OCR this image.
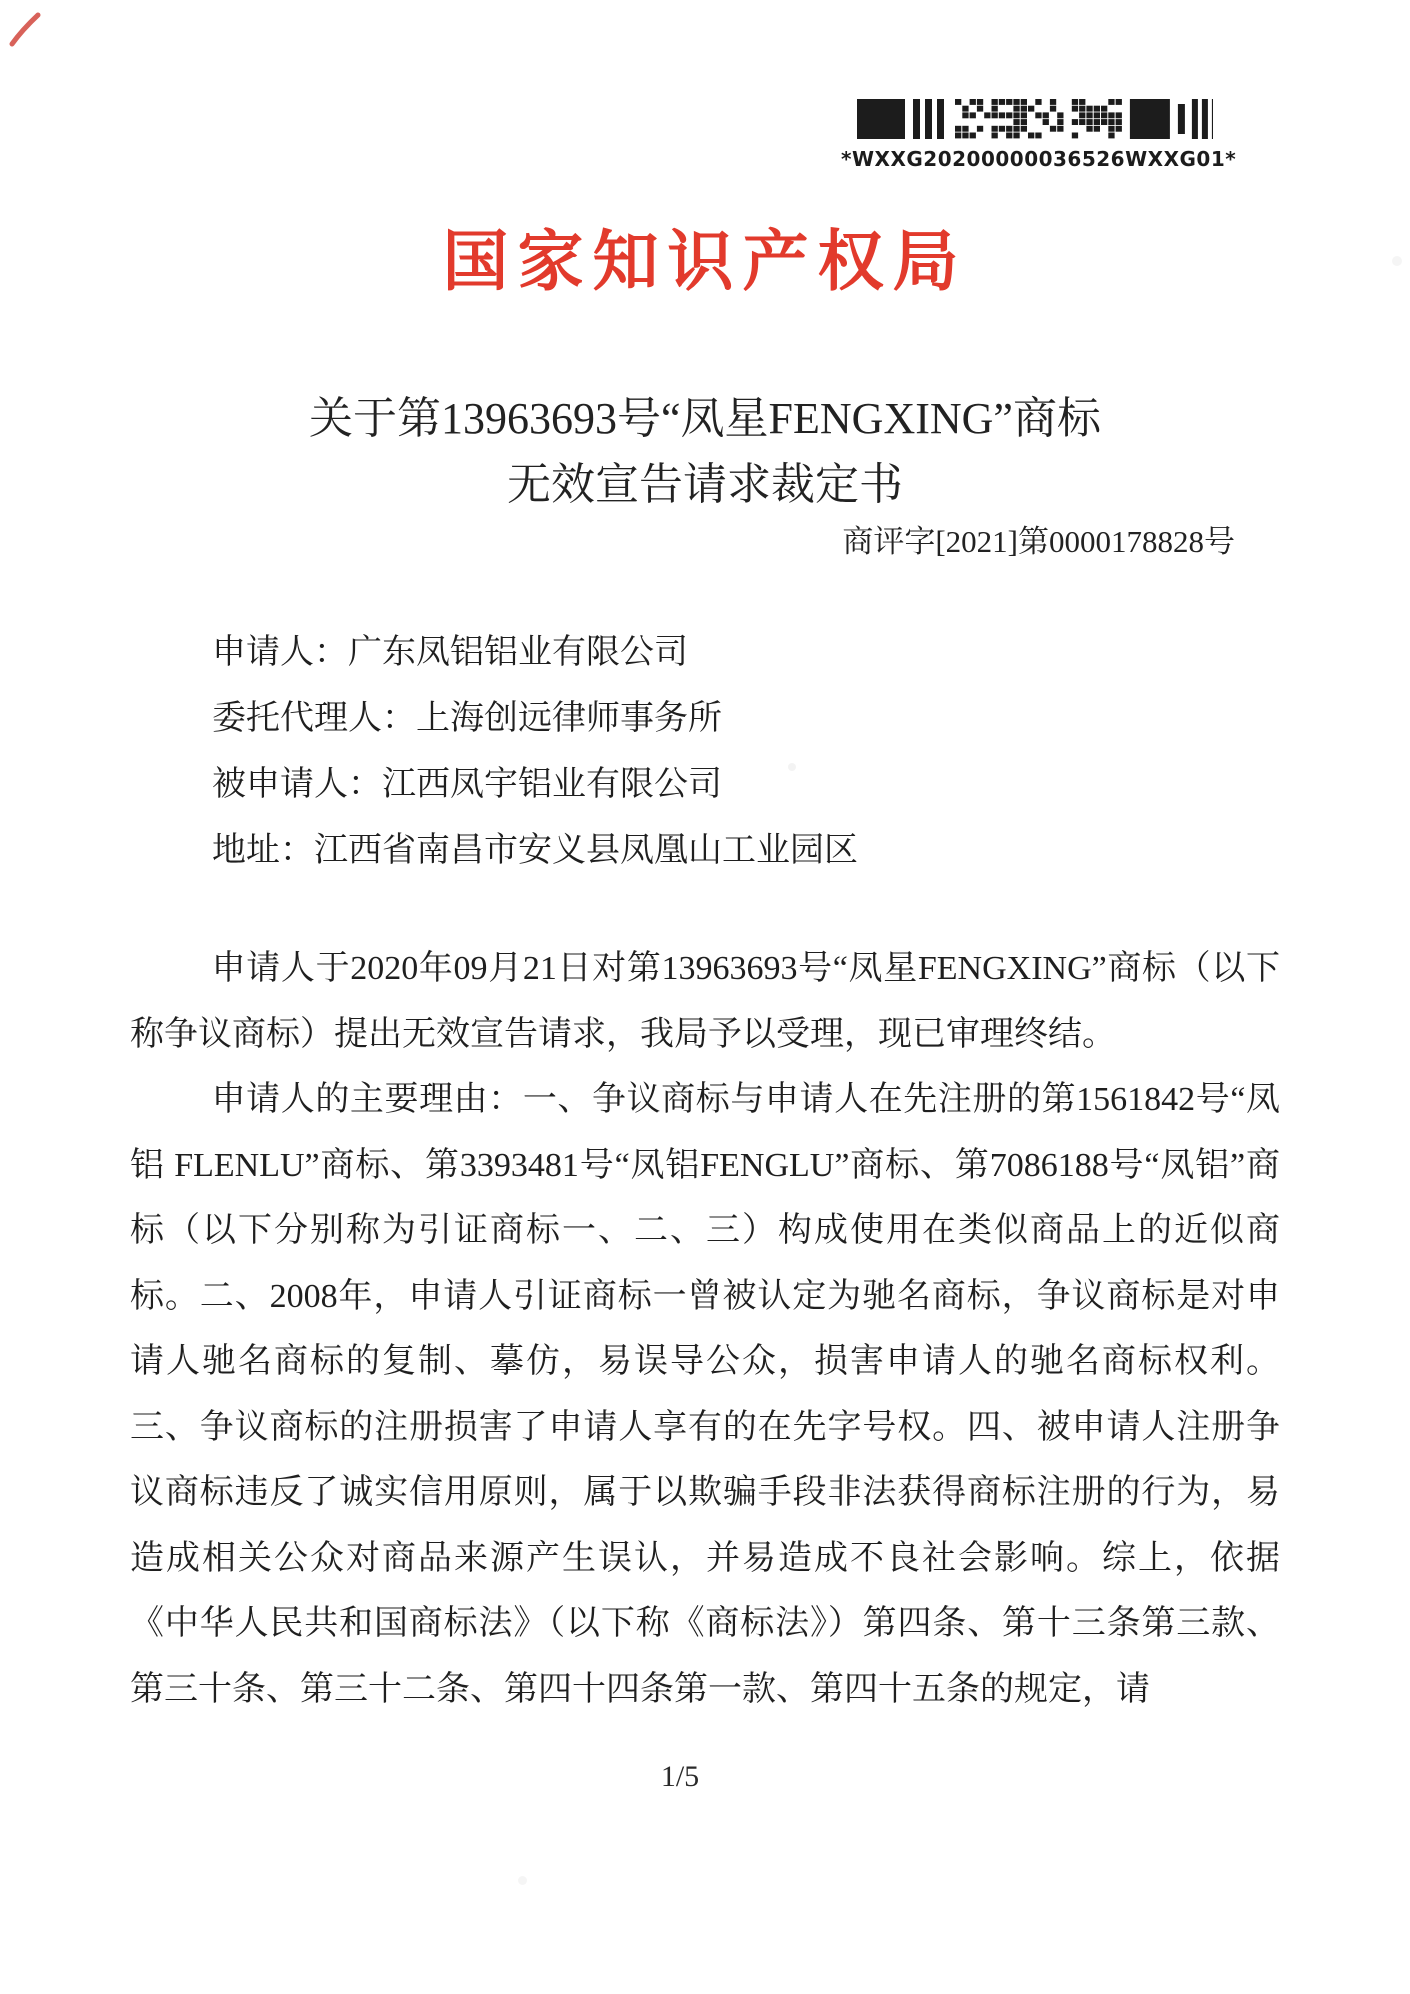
*WXXG20200000036526WXXG01*
国家知识产权局
关于第13963693号“凤星FENGXING”商标
无效宣告请求裁定书
商评字[2021]第0000178828号
申请人：广东凤铝铝业有限公司
委托代理人：上海创远律师事务所
被申请人：江西凤宇铝业有限公司
地址：江西省南昌市安义县凤凰山工业园区

申请人于2020年09月21日对第13963693号“凤星FENGXING”商标（以下称争议商标）提出无效宣告请求，我局予以受理，现已审理终结。

申请人的主要理由：一、争议商标与申请人在先注册的第1561842号“凤铝 FLENLU”商标、第3393481号“凤铝FENGLU”商标、第7086188号“凤铝”商标（以下分别称为引证商标一、二、三）构成使用在类似商品上的近似商标。二、2008年，申请人引证商标一曾被认定为驰名商标，争议商标是对申请人驰名商标的复制、摹仿，易误导公众，损害申请人的驰名商标权利。三、争议商标的注册损害了申请人享有的在先字号权。四、被申请人注册争议商标违反了诚实信用原则，属于以欺骗手段非法获得商标注册的行为，易造成相关公众对商品来源产生误认，并易造成不良社会影响。综上，依据《中华人民共和国商标法》（以下称《商标法》）第四条、第十三条第三款、第三十条、第三十二条、第四十四条第一款、第四十五条的规定，请

1/5
